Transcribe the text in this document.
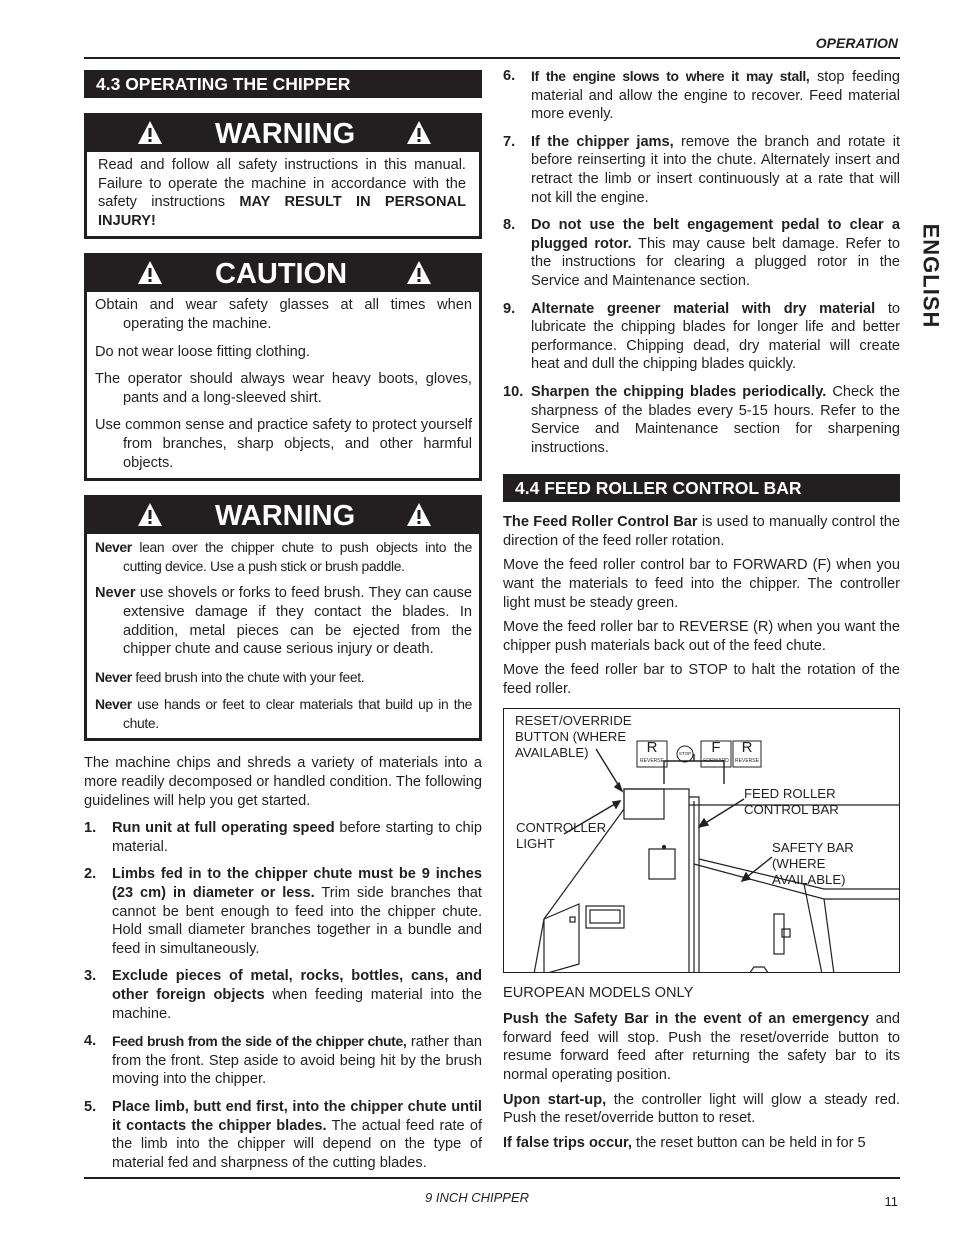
OPERATION
ENGLISH
4.3 OPERATING THE CHIPPER
WARNING

Read and follow all safety instructions in this manual. Failure to operate the machine in accordance with the safety instructions MAY RESULT IN PERSONAL INJURY!

CAUTION

Obtain and wear safety glasses at all times when operating the machine.

Do not wear loose fitting clothing.

The operator should always wear heavy boots, gloves, pants and a long-sleeved shirt.

Use common sense and practice safety to protect yourself from branches, sharp objects, and other harmful objects.

WARNING

Never lean over the chipper chute to push objects into the cutting device. Use a push stick or brush paddle.

Never use shovels or forks to feed brush. They can cause extensive damage if they contact the blades. In addition, metal pieces can be ejected from the chipper chute and cause serious injury or death.

Never feed brush into the chute with your feet.

Never use hands or feet to clear materials that build up in the chute.

The machine chips and shreds a variety of materials into a more readily decomposed or handled condition. The following guidelines will help you get started.
1. Run unit at full operating speed before starting to chip material.
2. Limbs fed in to the chipper chute must be 9 inches (23 cm) in diameter or less. Trim side branches that cannot be bent enough to feed into the chipper chute. Hold small diameter branches together in a bundle and feed in simultaneously.
3. Exclude pieces of metal, rocks, bottles, cans, and other foreign objects when feeding material into the machine.
4. Feed brush from the side of the chipper chute, rather than from the front. Step aside to avoid being hit by the brush moving into the chipper.
5. Place limb, butt end first, into the chipper chute until it contacts the chipper blades. The actual feed rate of the limb into the chipper will depend on the type of material fed and sharpness of the cutting blades.
6. If the engine slows to where it may stall, stop feeding material and allow the engine to recover. Feed material more evenly.
7. If the chipper jams, remove the branch and rotate it before reinserting it into the chute. Alternately insert and retract the limb or insert continuously at a rate that will not kill the engine.
8. Do not use the belt engagement pedal to clear a plugged rotor. This may cause belt damage. Refer to the instructions for clearing a plugged rotor in the Service and Maintenance section.
9. Alternate greener material with dry material to lubricate the chipping blades for longer life and better performance. Chipping dead, dry material will create heat and dull the chipping blades quickly.
10. Sharpen the chipping blades periodically. Check the sharpness of the blades every 5-15 hours. Refer to the Service and Maintenance section for sharpening instructions.
4.4 FEED ROLLER CONTROL BAR
The Feed Roller Control Bar is used to manually control the direction of the feed roller rotation.
Move the feed roller control bar to FORWARD (F) when you want the materials to feed into the chipper. The controller light must be steady green.
Move the feed roller bar to REVERSE (R) when you want the chipper push materials back out of the feed chute.
Move the feed roller bar to STOP to halt the rotation of the feed roller.
RESET/OVERRIDE BUTTON (WHERE AVAILABLE)
CONTROLLER LIGHT
FEED ROLLER CONTROL BAR
SAFETY BAR (WHERE AVAILABLE)
R
REVERSE
STOP	F
FORWARD
R
REVERSE
EUROPEAN MODELS ONLY
Push the Safety Bar in the event of an emergency and forward feed will stop. Push the reset/override button to resume forward feed after returning the safety bar to its normal operating position.
Upon start-up, the controller light will glow a steady red. Push the reset/override button to reset.
If false trips occur, the reset button can be held in for 5
9 INCH CHIPPER	11
